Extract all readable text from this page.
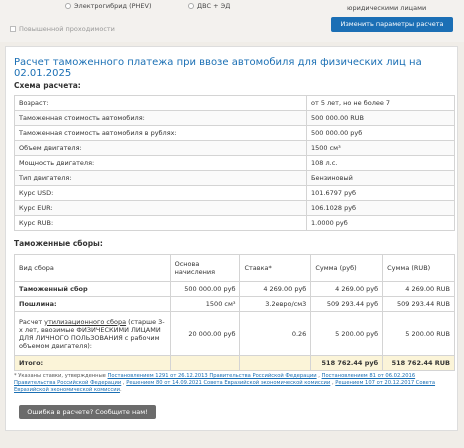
Электрогибрид (PHEV)	ДВС + ЭД	юридическими лицами
Повышенной проходимости
Изменить параметры расчета
Расчет таможенного платежа при ввозе автомобиля для физических лиц на 02.01.2025
Схема расчета:
Возраст:	от 5 лет, но не более 7
Таможенная стоимость автомобиля:	500 000.00 RUB
Таможенная стоимость автомобиля в рублях:	500 000.00 руб
Объем двигателя:	1500 см³
Мощность двигателя:	108 л.с.
Тип двигателя:	Бензиновый
Курс USD:	101.6797 руб
Курс EUR:	106.1028 руб
Курс RUB:	1.0000 руб
Таможенные сборы:
Вид сбора	Основа начисления	Ставка*	Сумма (руб)	Сумма (RUB)
Таможенный сбор	500 000.00 руб	4 269.00 руб	4 269.00 руб	4 269.00 RUB
Пошлина:	1500 см³	3.2евро/см3	509 293.44 руб	509 293.44 RUB
Расчет утилизационного сбора (старше 3-х лет, ввозимые ФИЗИЧЕСКИМИ ЛИЦАМИ ДЛЯ ЛИЧНОГО ПОЛЬЗОВАНИЯ с рабочим объемом двигателя):	20 000.00 руб	0.26	5 200.00 руб	5 200.00 RUB
Итого:			518 762.44 руб	518 762.44 RUB
* Указаны ставки, утвержденные Постановлением 1291 от 26.12.2013 Правительства Российской Федерации , Постановлением 81 от 06.02.2016 Правительства Российской Федерации , Решением 80 от 14.09.2021 Совета Евразийской экономической комиссии , Решением 107 от 20.12.2017 Совета Евразийской экономической комиссии.
Ошибка в расчете? Сообщите нам!
